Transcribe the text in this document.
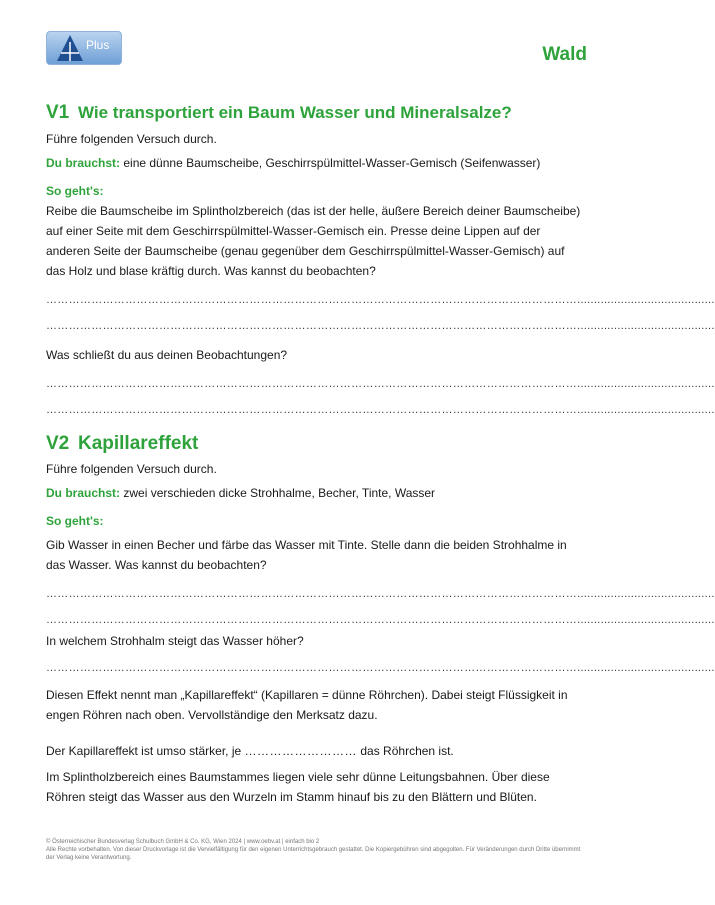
Plus	Wald
V1 Wie transportiert ein Baum Wasser und Mineralsalze?

Führe folgenden Versuch durch.

Du brauchst: eine dünne Baumscheibe, Geschirrspülmittel-Wasser-Gemisch (Seifenwasser)

So geht's:

Reibe die Baumscheibe im Splintholzbereich (das ist der helle, äußere Bereich deiner Baumscheibe) auf einer Seite mit dem Geschirrspülmittel-Wasser-Gemisch ein. Presse deine Lippen auf der anderen Seite der Baumscheibe (genau gegenüber dem Geschirrspülmittel-Wasser-Gemisch) auf das Holz und blase kräftig durch. Was kannst du beobachten?

…………………………………………………………………………………………………………………………….........................................
…………………………………………………………………………………………………………………………….........................................

Was schließt du aus deinen Beobachtungen?

…………………………………………………………………………………………………………………………….........................................
…………………………………………………………………………………………………………………………….........................................
V2 Kapillareffekt

Führe folgenden Versuch durch.

Du brauchst: zwei verschieden dicke Strohhalme, Becher, Tinte, Wasser

So geht's:

Gib Wasser in einen Becher und färbe das Wasser mit Tinte. Stelle dann die beiden Strohhalme in das Wasser. Was kannst du beobachten?

…………………………………………………………………………………………………………………………….........................................
…………………………………………………………………………………………………………………………….........................................

In welchem Strohhalm steigt das Wasser höher?

…………………………………………………………………………………………………………………………….........................................

Diesen Effekt nennt man „Kapillareffekt“ (Kapillaren = dünne Röhrchen). Dabei steigt Flüssigkeit in engen Röhren nach oben. Vervollständige den Merksatz dazu.

Der Kapillareffekt ist umso stärker, je ……………………… das Röhrchen ist.

Im Splintholzbereich eines Baumstammes liegen viele sehr dünne Leitungsbahnen. Über diese Röhren steigt das Wasser aus den Wurzeln im Stamm hinauf bis zu den Blättern und Blüten.

© Österreichischer Bundesverlag Schulbuch GmbH & Co. KG, Wien 2024 | www.oebv.at | einfach bio 2
Alle Rechte vorbehalten. Von dieser Druckvorlage ist die Vervielfältigung für den eigenen Unterrichtsgebrauch gestattet. Die Kopiergebühren sind abgegolten. Für Veränderungen durch Dritte übernimmt der Verlag keine Verantwortung.
